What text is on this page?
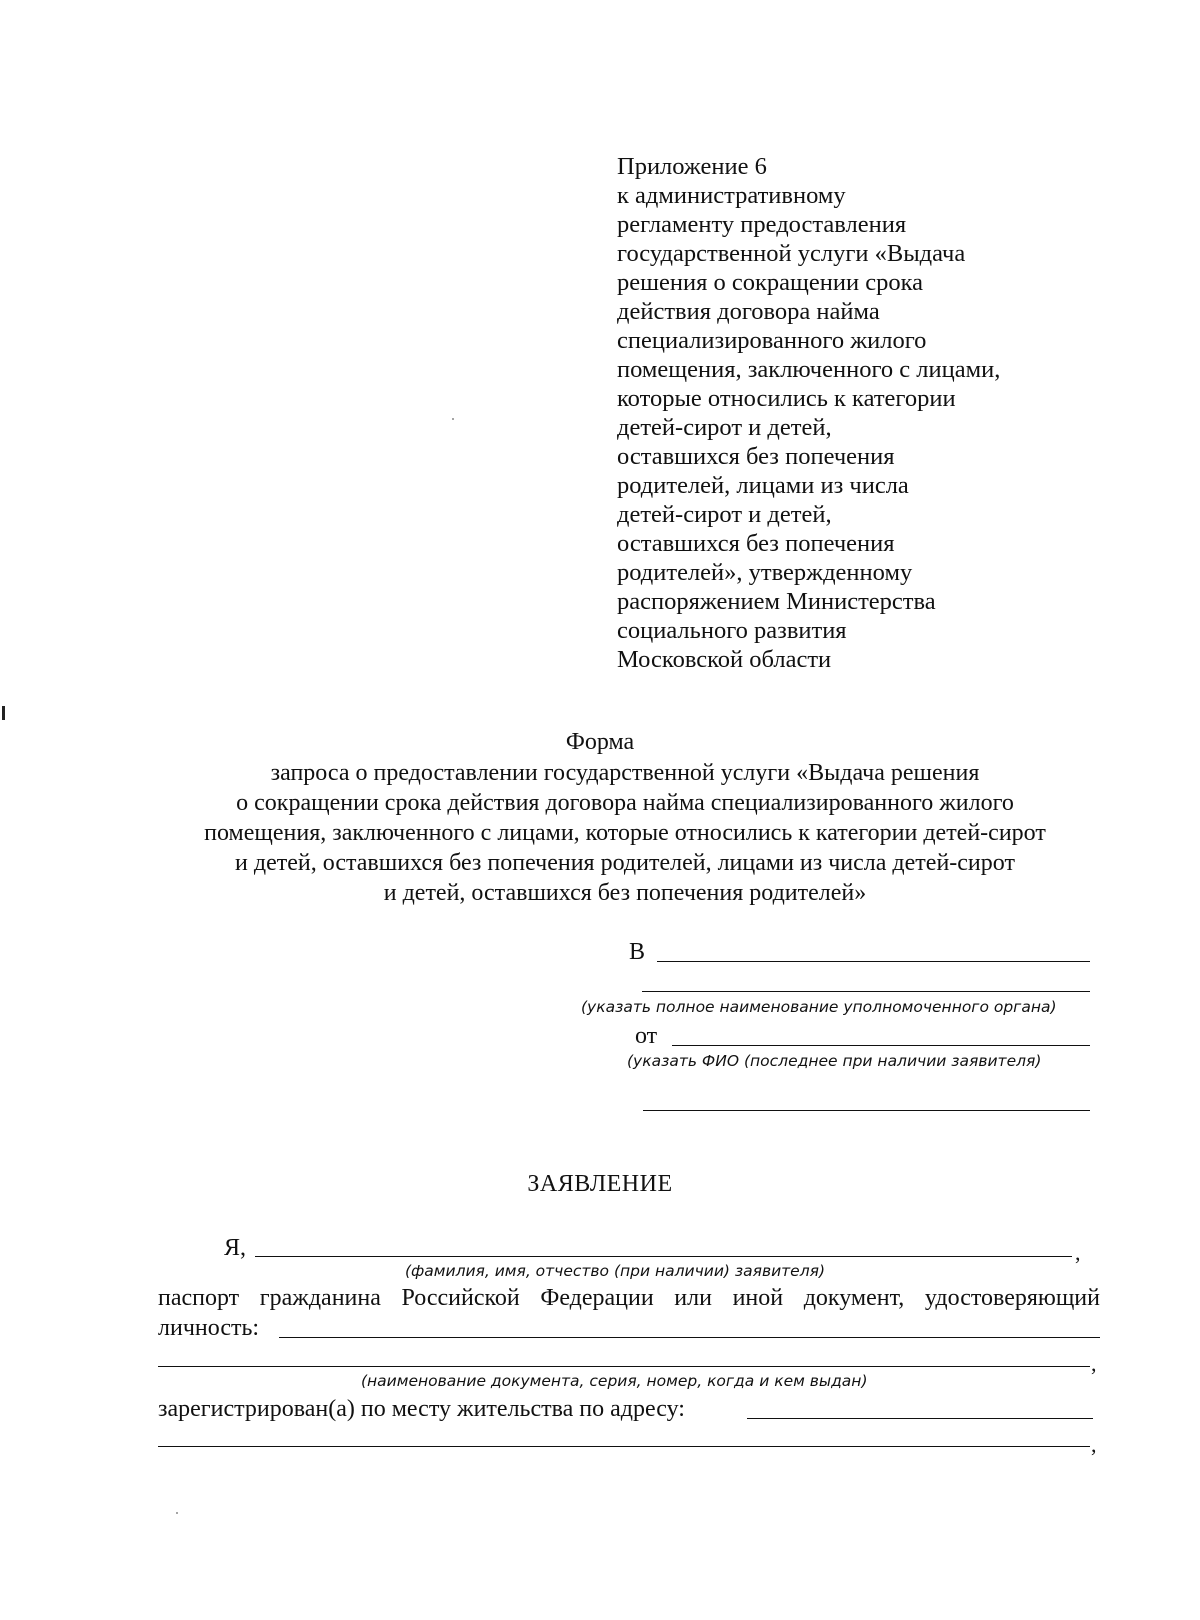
Приложение 6
к административному
регламенту предоставления
государственной услуги «Выдача
решения о сокращении срока
действия договора найма
специализированного жилого
помещения, заключенного с лицами,
которые относились к категории
детей-сирот и детей,
оставшихся без попечения
родителей, лицами из числа
детей-сирот и детей,
оставшихся без попечения
родителей», утвержденному
распоряжением Министерства
социального развития
Московской области
Форма
запроса о предоставлении государственной услуги «Выдача решения
о сокращении срока действия договора найма специализированного жилого
помещения, заключенного с лицами, которые относились к категории детей-сирот
и детей, оставшихся без попечения родителей, лицами из числа детей-сирот
и детей, оставшихся без попечения родителей»
В
(указать полное наименование уполномоченного органа)
от
(указать ФИО (последнее при наличии заявителя)
ЗАЯВЛЕНИЕ
Я,	,
(фамилия, имя, отчество (при наличии) заявителя)
паспорт гражданина Российской Федерации или иной документ, удостоверяющий
личность:
,
(наименование документа, серия, номер, когда и кем выдан)
зарегистрирован(а) по месту жительства по адресу:
,
